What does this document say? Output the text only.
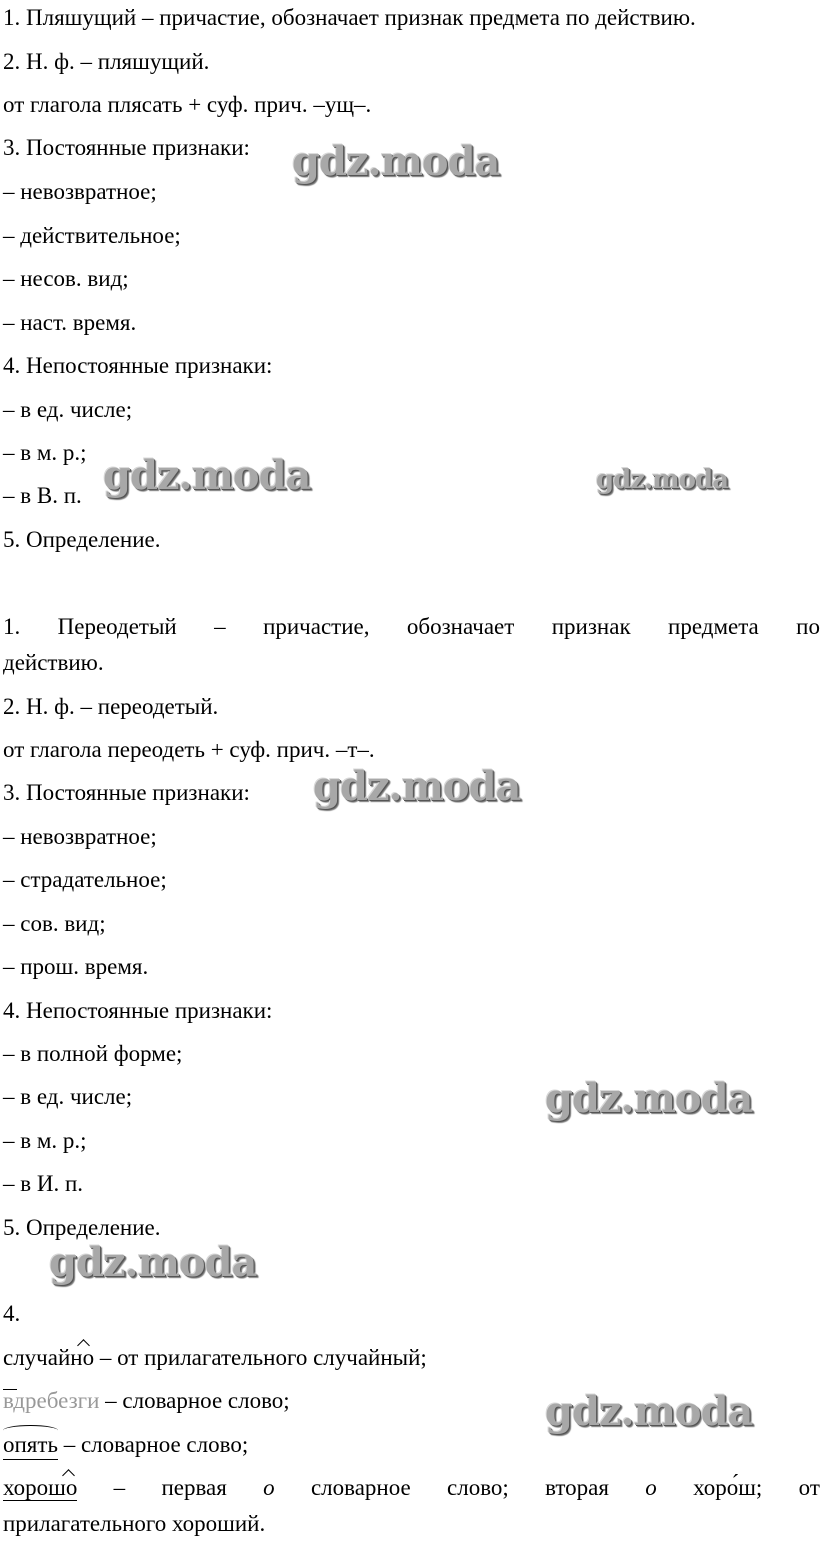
1. Пляшущий – причастие, обозначает признак предмета по действию.
2. Н. ф. – пляшущий.
от глагола плясать + суф. прич. –ущ–.
3. Постоянные признаки:
– невозвратное;
– действительное;
– несов. вид;
– наст. время.
4. Непостоянные признаки:
– в ед. числе;
– в м. р.;
– в В. п.
5. Определение.
1. Переодетый – причастие, обозначает признак предмета по
действию.
2. Н. ф. – переодетый.
от глагола переодеть + суф. прич. –т–.
3. Постоянные признаки:
– невозвратное;
– страдательное;
– сов. вид;
– прош. время.
4. Непостоянные признаки:
– в полной форме;
– в ед. числе;
– в м. р.;
– в И. п.
5. Определение.
4.
случайно
– от прилагательного случайный;
вдребезги – словарное слово;
опять – словарное слово;
хорошо – первая о словарное слово; вторая о хоро́ш; от
прилагательного хороший.
gdz.moda
gdz.moda	gdz.moda
gdz.moda
gdz.moda
gdz.moda
gdz.moda
